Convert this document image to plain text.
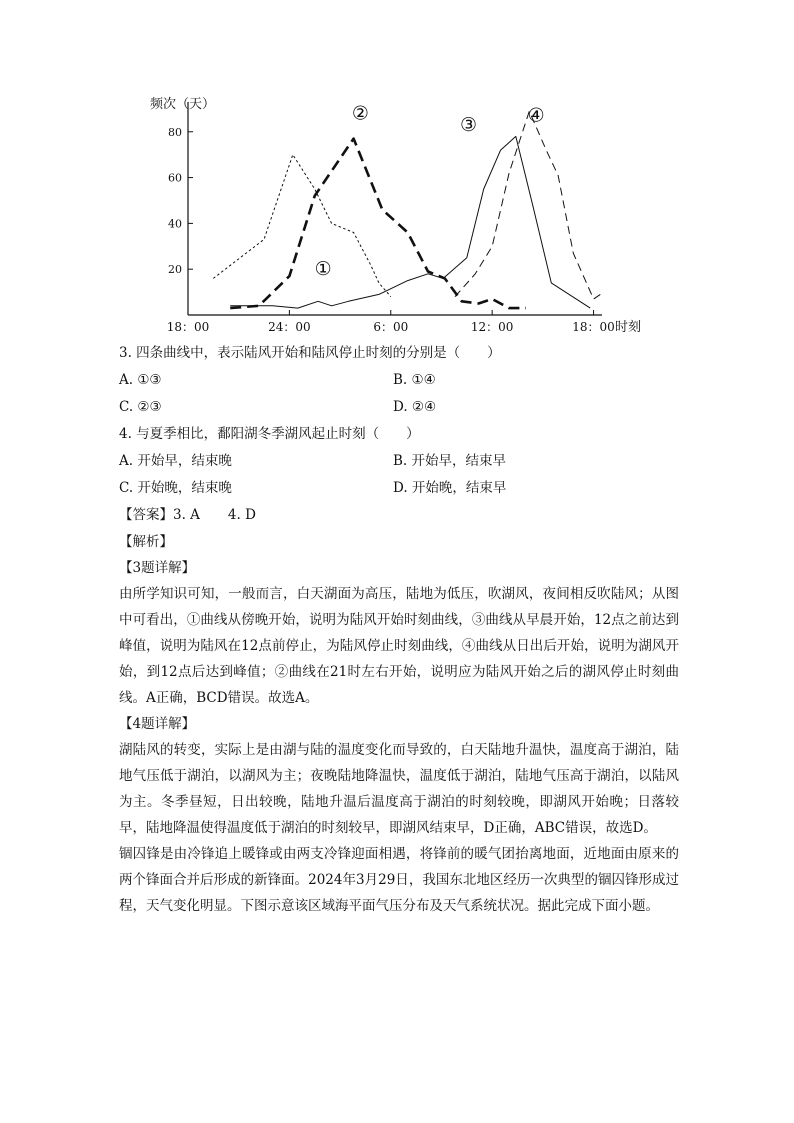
频次（天）
20
40
60
80
18：00	24：00	6：00	12：00	18：00 时刻
①
②
③	④
3. 四条曲线中，表示陆风开始和陆风停止时刻的分别是（　　）
A. ①③	B. ①④
C. ②③	D. ②④
4. 与夏季相比，鄱阳湖冬季湖风起止时刻（　　）
A. 开始早，结束晚	B. 开始早，结束早
C. 开始晚，结束晚	D. 开始晚，结束早
【答案】3. A 4. D
【解析】
【3题详解】

由所学知识可知，一般而言，白天湖面为高压，陆地为低压，吹湖风，夜间相反吹陆风；从图中可看出，①曲线从傍晚开始，说明为陆风开始时刻曲线，③曲线从早晨开始，12点之前达到峰值，说明为陆风在12点前停止，为陆风停止时刻曲线，④曲线从日出后开始，说明为湖风开始，到12点后达到峰值；②曲线在21时左右开始，说明应为陆风开始之后的湖风停止时刻曲线。A正确，BCD错误。故选A。

【4题详解】

湖陆风的转变，实际上是由湖与陆的温度变化而导致的，白天陆地升温快，温度高于湖泊，陆地气压低于湖泊，以湖风为主；夜晚陆地降温快，温度低于湖泊，陆地气压高于湖泊，以陆风为主。冬季昼短，日出较晚，陆地升温后温度高于湖泊的时刻较晚，即湖风开始晚；日落较早，陆地降温使得温度低于湖泊的时刻较早，即湖风结束早，D正确，ABC错误，故选D。

锢囚锋是由冷锋追上暖锋或由两支冷锋迎面相遇，将锋前的暖气团抬离地面，近地面由原来的两个锋面合并后形成的新锋面。2024年3月29日，我国东北地区经历一次典型的锢囚锋形成过程，天气变化明显。下图示意该区域海平面气压分布及天气系统状况。据此完成下面小题。
